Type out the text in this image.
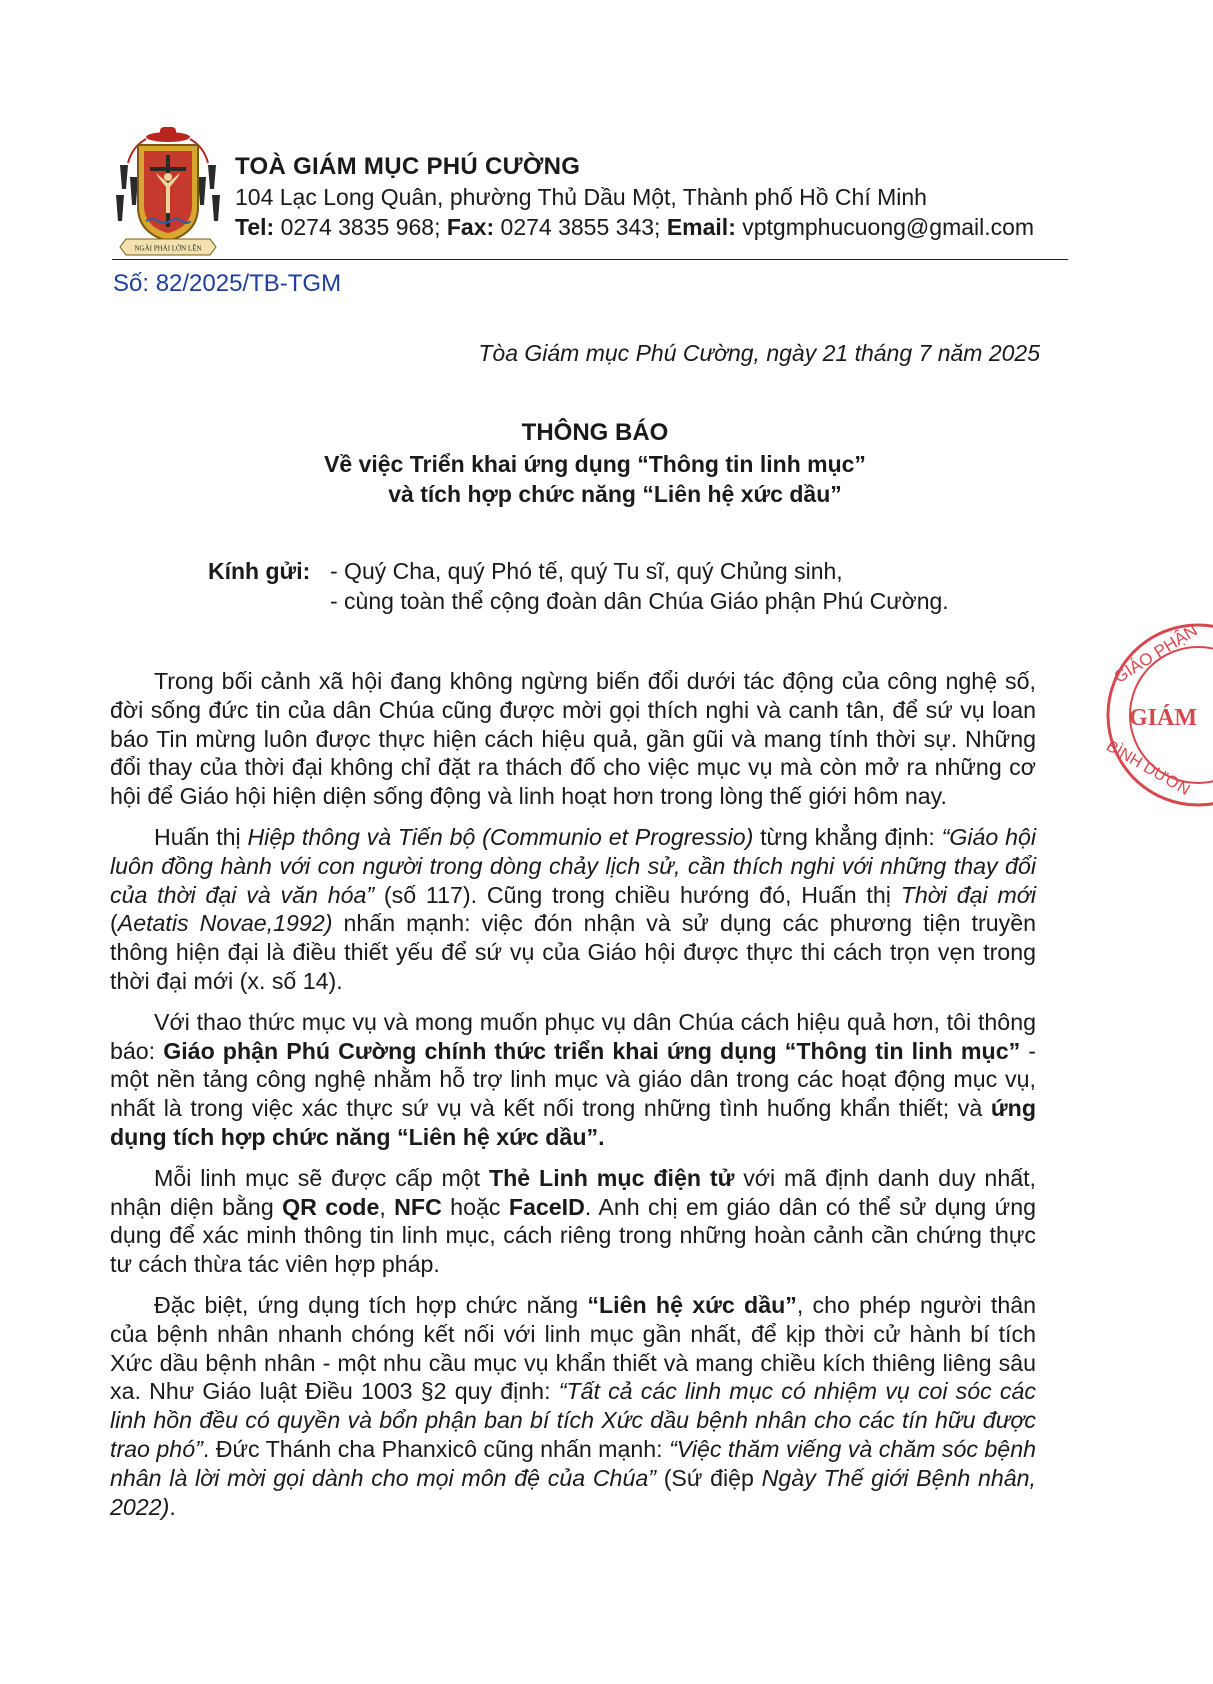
NGÀI PHẢI LỚN LÊN
TOÀ GIÁM MỤC PHÚ CƯỜNG
104 Lạc Long Quân, phường Thủ Dầu Một, Thành phố Hồ Chí Minh
Tel: 0274 3835 968; Fax: 0274 3855 343; Email: vptgmphucuong@gmail.com
Số: 82/2025/TB-TGM
Tòa Giám mục Phú Cường, ngày 21 tháng 7 năm 2025
THÔNG BÁO
Về việc Triển khai ứng dụng “Thông tin linh mục”
và tích hợp chức năng “Liên hệ xức dầu”
Kính gửi: - Quý Cha, quý Phó tế, quý Tu sĩ, quý Chủng sinh,
- cùng toàn thể cộng đoàn dân Chúa Giáo phận Phú Cường.

Trong bối cảnh xã hội đang không ngừng biến đổi dưới tác động của công nghệ số, đời sống đức tin của dân Chúa cũng được mời gọi thích nghi và canh tân, để sứ vụ loan báo Tin mừng luôn được thực hiện cách hiệu quả, gần gũi và mang tính thời sự. Những đổi thay của thời đại không chỉ đặt ra thách đố cho việc mục vụ mà còn mở ra những cơ hội để Giáo hội hiện diện sống động và linh hoạt hơn trong lòng thế giới hôm nay.

Huấn thị Hiệp thông và Tiến bộ (Communio et Progressio) từng khẳng định: “Giáo hội luôn đồng hành với con người trong dòng chảy lịch sử, cần thích nghi với những thay đổi của thời đại và văn hóa” (số 117). Cũng trong chiều hướng đó, Huấn thị Thời đại mới (Aetatis Novae,1992) nhấn mạnh: việc đón nhận và sử dụng các phương tiện truyền thông hiện đại là điều thiết yếu để sứ vụ của Giáo hội được thực thi cách trọn vẹn trong thời đại mới (x. số 14).

Với thao thức mục vụ và mong muốn phục vụ dân Chúa cách hiệu quả hơn, tôi thông báo: Giáo phận Phú Cường chính thức triển khai ứng dụng “Thông tin linh mục” - một nền tảng công nghệ nhằm hỗ trợ linh mục và giáo dân trong các hoạt động mục vụ, nhất là trong việc xác thực sứ vụ và kết nối trong những tình huống khẩn thiết; và ứng dụng tích hợp chức năng “Liên hệ xức dầu”.

Mỗi linh mục sẽ được cấp một Thẻ Linh mục điện tử với mã định danh duy nhất, nhận diện bằng QR code, NFC hoặc FaceID. Anh chị em giáo dân có thể sử dụng ứng dụng để xác minh thông tin linh mục, cách riêng trong những hoàn cảnh cần chứng thực tư cách thừa tác viên hợp pháp.

Đặc biệt, ứng dụng tích hợp chức năng “Liên hệ xức dầu”, cho phép người thân của bệnh nhân nhanh chóng kết nối với linh mục gần nhất, để kịp thời cử hành bí tích Xức dầu bệnh nhân - một nhu cầu mục vụ khẩn thiết và mang chiều kích thiêng liêng sâu xa. Như Giáo luật Điều 1003 §2 quy định: “Tất cả các linh mục có nhiệm vụ coi sóc các linh hồn đều có quyền và bổn phận ban bí tích Xức dầu bệnh nhân cho các tín hữu được trao phó”. Đức Thánh cha Phanxicô cũng nhấn mạnh: “Việc thăm viếng và chăm sóc bệnh nhân là lời mời gọi dành cho mọi môn đệ của Chúa” (Sứ điệp Ngày Thế giới Bệnh nhân, 2022).

GIÁO PHẬN
GIÁM
BÌNH DƯƠN
